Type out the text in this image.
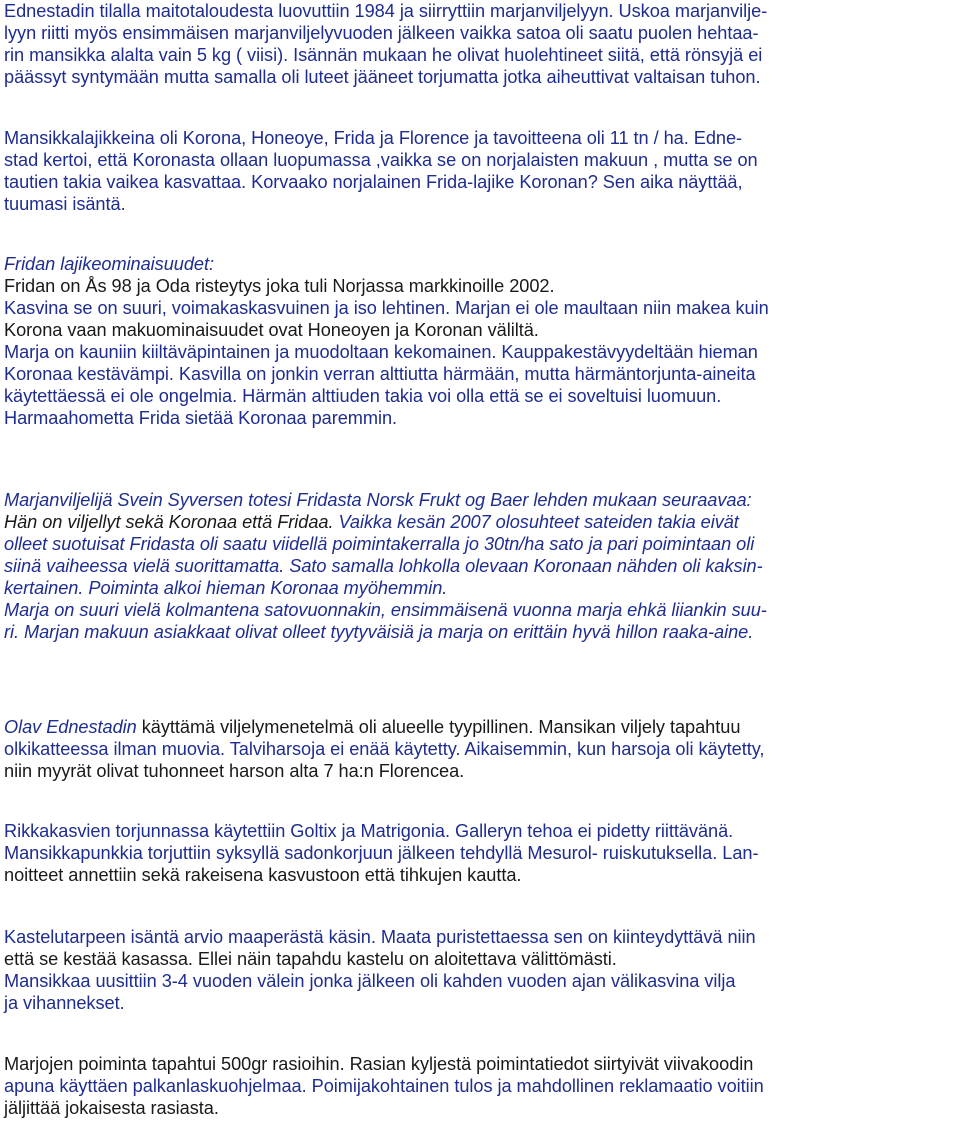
Ednestadin tilalla maitotaloudesta luovuttiin 1984 ja siirryttiin marjanviljelyyn. Uskoa marjanvilje-
lyyn riitti myös ensimmäisen marjanviljelyvuoden jälkeen vaikka satoa oli saatu puolen hehtaa-
rin mansikka alalta vain 5 kg ( viisi). Isännän mukaan he olivat huolehtineet siitä, että rönsyjä ei
päässyt syntymään mutta samalla oli luteet jääneet torjumatta jotka aiheuttivat valtaisan tuhon.
Mansikkalajikkeina oli Korona, Honeoye, Frida ja Florence ja tavoitteena oli 11 tn / ha. Edne-
stad kertoi, että Koronasta ollaan luopumassa ,vaikka se on norjalaisten makuun , mutta se on
tautien takia vaikea kasvattaa. Korvaako norjalainen Frida-lajike Koronan? Sen aika näyttää,
tuumasi isäntä.
Fridan lajikeominaisuudet:
Fridan on Ås 98 ja Oda risteytys joka tuli Norjassa markkinoille 2002.
Kasvina se on suuri, voimakaskasvuinen ja iso lehtinen. Marjan ei ole maultaan niin makea kuin
Korona vaan makuominaisuudet ovat Honeoyen ja Koronan väliltä.
Marja on kauniin kiiltäväpintainen ja muodoltaan kekomainen. Kauppakestävyydeltään hieman
Koronaa kestävämpi. Kasvilla on jonkin verran alttiutta härmään, mutta härmäntorjunta-aineita
käytettäessä ei ole ongelmia. Härmän alttiuden takia voi olla että se ei soveltuisi luomuun.
Harmaahometta Frida sietää Koronaa paremmin.
Marjanviljelijä Svein Syversen totesi Fridasta Norsk Frukt og Baer lehden mukaan seuraavaa:
Hän on viljellyt sekä Koronaa että Fridaa. Vaikka kesän 2007 olosuhteet sateiden takia eivät
olleet suotuisat Fridasta oli saatu viidellä poimintakerralla jo 30tn/ha sato ja pari poimintaan oli
siinä vaiheessa vielä suorittamatta. Sato samalla lohkolla olevaan Koronaan nähden oli kaksin-
kertainen. Poiminta alkoi hieman Koronaa myöhemmin.
Marja on suuri vielä kolmantena satovuonnakin, ensimmäisenä vuonna marja ehkä liiankin suu-
ri. Marjan makuun asiakkaat olivat olleet tyytyväisiä ja marja on erittäin hyvä hillon raaka-aine.
Olav Ednestadin käyttämä viljelymenetelmä oli alueelle tyypillinen. Mansikan viljely tapahtuu
olkikatteessa ilman muovia. Talviharsoja ei enää käytetty. Aikaisemmin, kun harsoja oli käytetty,
niin myyrät olivat tuhonneet harson alta 7 ha:n Florencea.
Rikkakasvien torjunnassa käytettiin Goltix ja Matrigonia. Galleryn tehoa ei pidetty riittävänä.
Mansikkapunkkia torjuttiin syksyllä sadonkorjuun jälkeen tehdyllä Mesurol- ruiskutuksella. Lan-
noitteet annettiin sekä rakeisena kasvustoon että tihkujen kautta.
Kastelutarpeen isäntä arvio maaperästä käsin. Maata puristettaessa sen on kiinteydyttävä niin
että se kestää kasassa. Ellei näin tapahdu kastelu on aloitettava välittömästi.
Mansikkaa uusittiin 3-4 vuoden välein jonka jälkeen oli kahden vuoden ajan välikasvina vilja
ja vihannekset.
Marjojen poiminta tapahtui 500gr rasioihin. Rasian kyljestä poimintatiedot siirtyivät viivakoodin
apuna käyttäen palkanlaskuohjelmaa. Poimijakohtainen tulos ja mahdollinen reklamaatio voitiin
jäljittää jokaisesta rasiasta.
